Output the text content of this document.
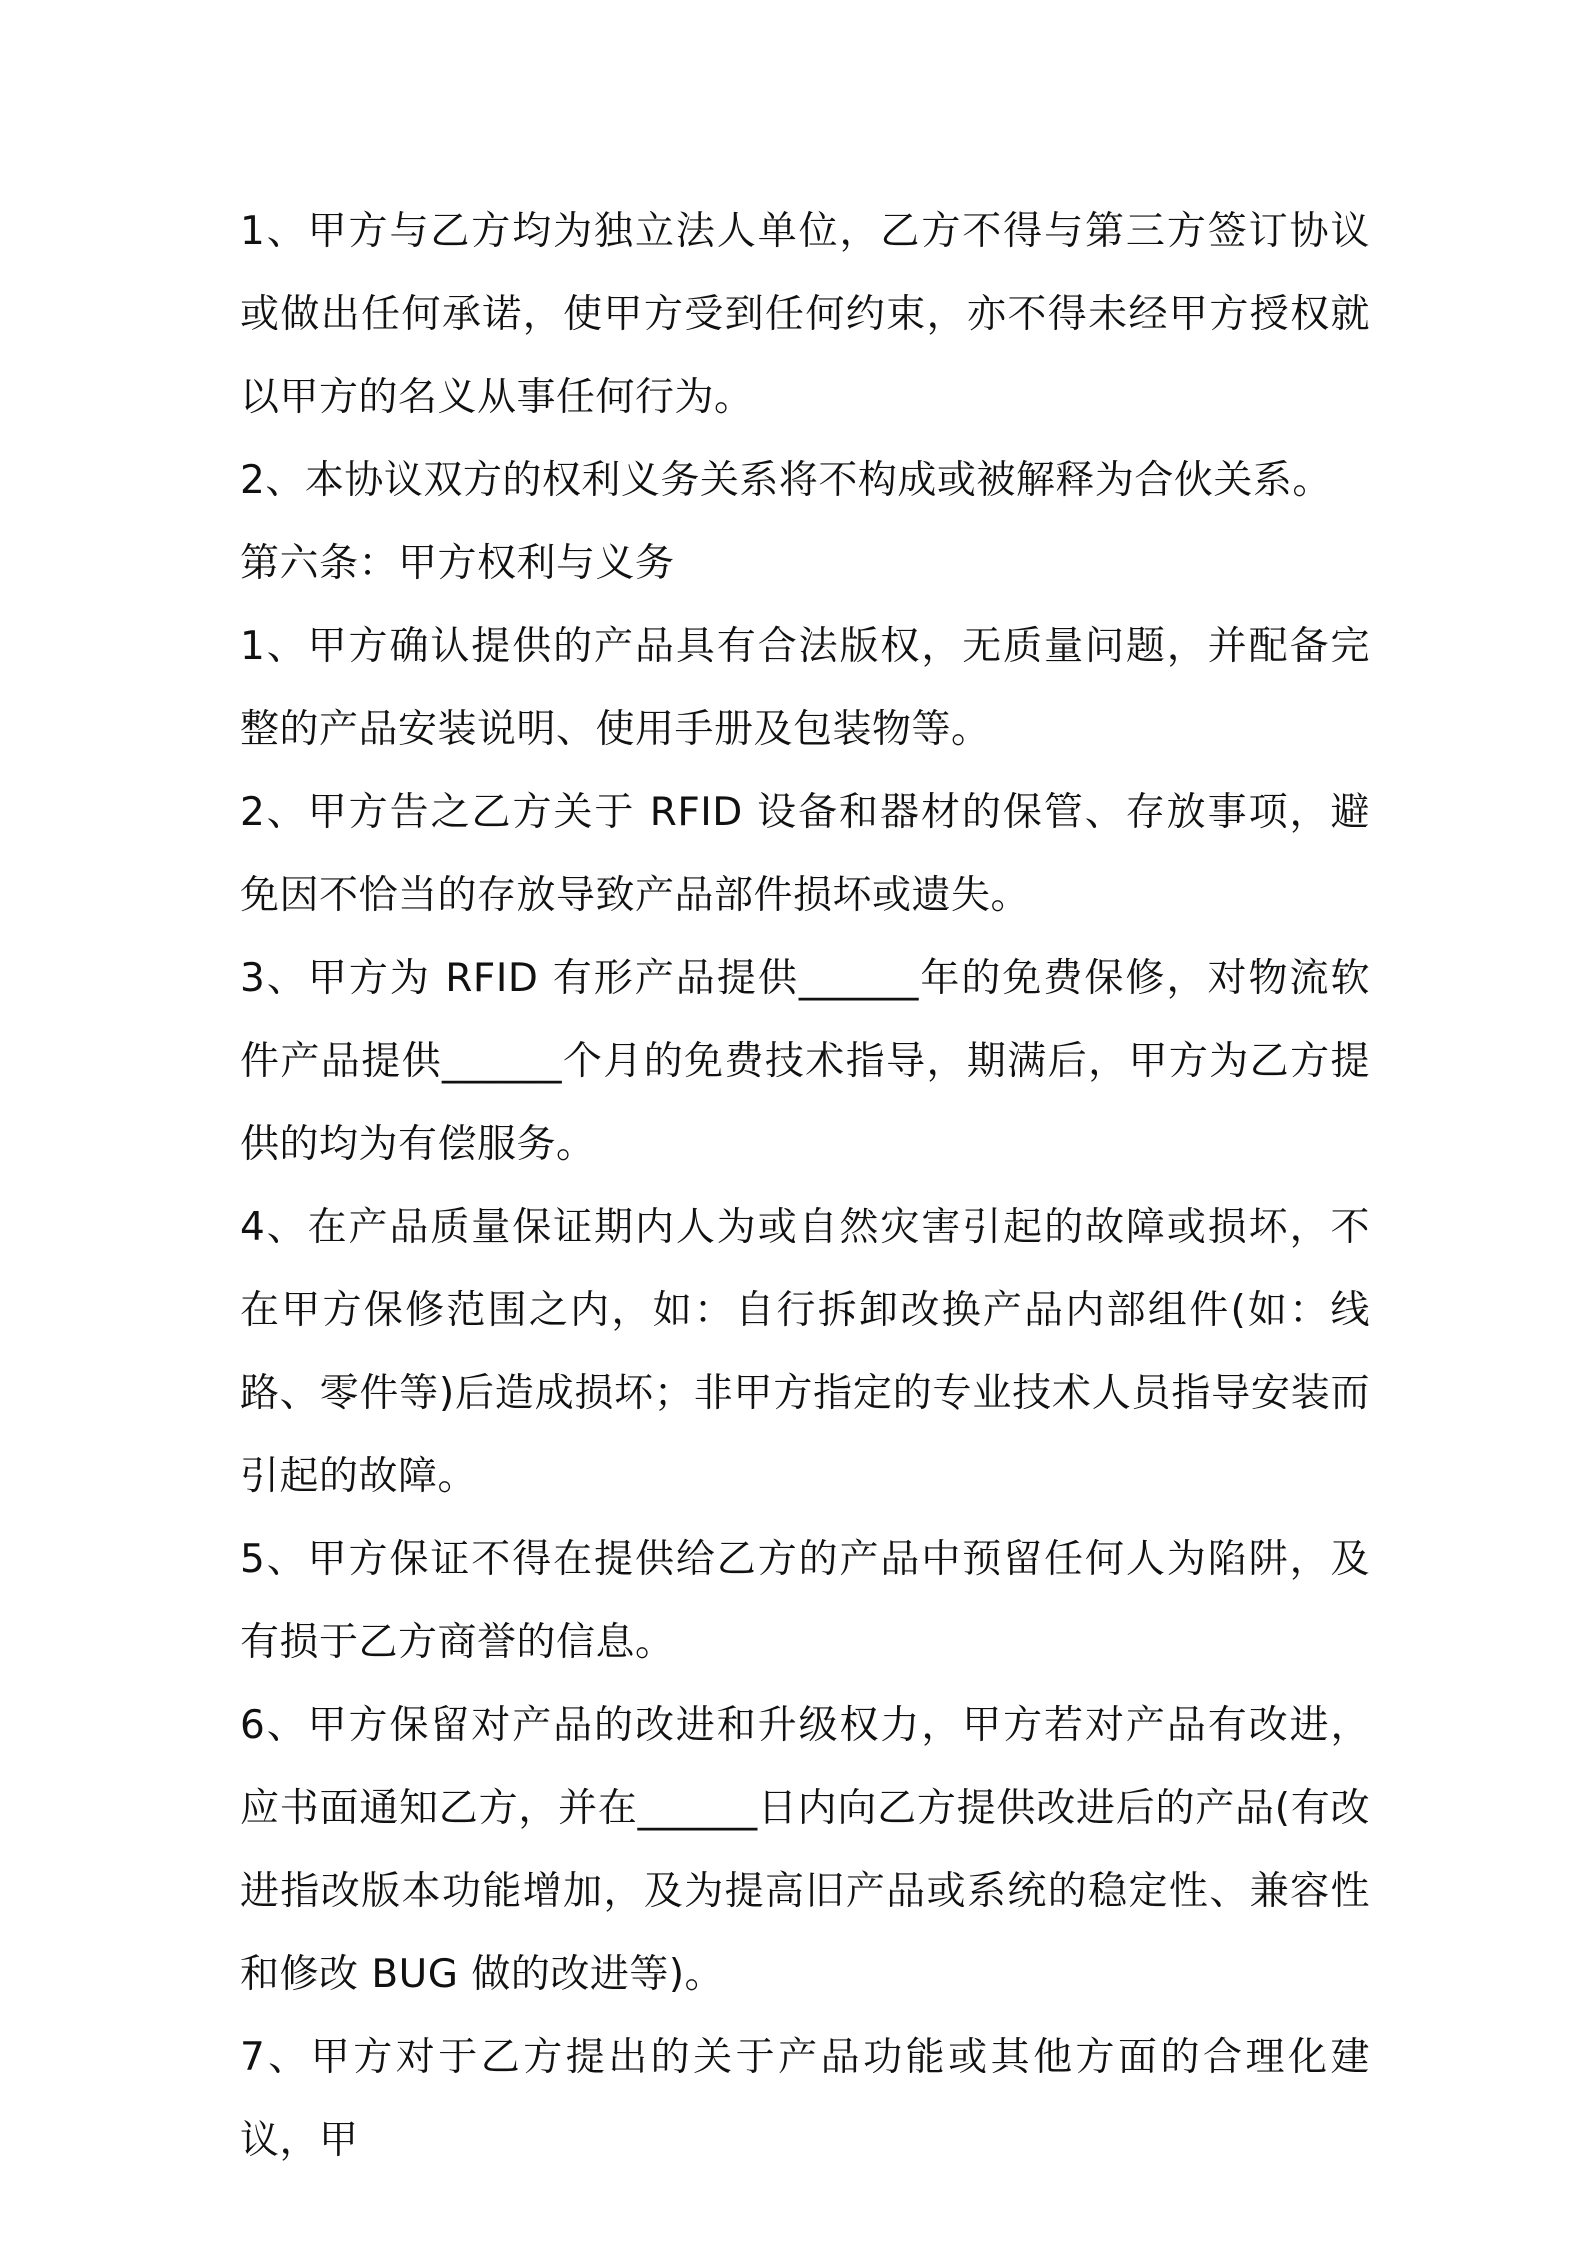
1、甲方与乙方均为独立法人单位，乙方不得与第三方签订协议或做出任何承诺，使甲方受到任何约束，亦不得未经甲方授权就以甲方的名义从事任何行为。

2、本协议双方的权利义务关系将不构成或被解释为合伙关系。

第六条：甲方权利与义务

1、甲方确认提供的产品具有合法版权，无质量问题，并配备完整的产品安装说明、使用手册及包装物等。

2、甲方告之乙方关于 RFID 设备和器材的保管、存放事项，避免因不恰当的存放导致产品部件损坏或遗失。

3、甲方为 RFID 有形产品提供______年的免费保修，对物流软件产品提供______个月的免费技术指导，期满后，甲方为乙方提供的均为有偿服务。

4、在产品质量保证期内人为或自然灾害引起的故障或损坏，不在甲方保修范围之内，如：自行拆卸改换产品内部组件(如：线路、零件等)后造成损坏；非甲方指定的专业技术人员指导安装而引起的故障。

5、甲方保证不得在提供给乙方的产品中预留任何人为陷阱，及有损于乙方商誉的信息。

6、甲方保留对产品的改进和升级权力，甲方若对产品有改进，应书面通知乙方，并在______日内向乙方提供改进后的产品(有改进指改版本功能增加，及为提高旧产品或系统的稳定性、兼容性和修改 BUG 做的改进等)。

7、甲方对于乙方提出的关于产品功能或其他方面的合理化建议，甲
